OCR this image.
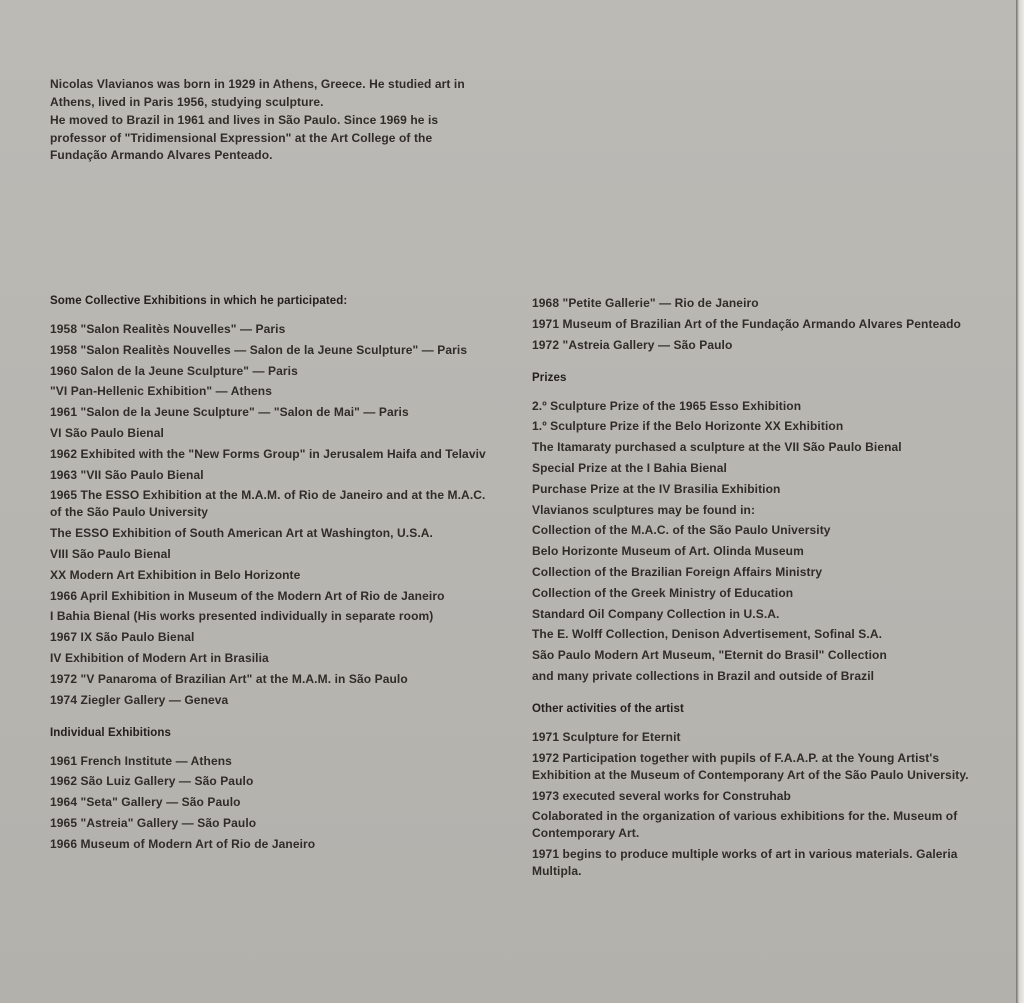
Nicolas Vlavianos was born in 1929 in Athens, Greece. He studied art in Athens, lived in Paris 1956, studying sculpture.

He moved to Brazil in 1961 and lives in São Paulo. Since 1969 he is professor of "Tridimensional Expression" at the Art College of the Fundação Armando Alvares Penteado.

Some Collective Exhibitions in which he participated:
1958 "Salon Realitès Nouvelles" — Paris
1958 "Salon Realitès Nouvelles — Salon de la Jeune Sculpture" — Paris
1960 Salon de la Jeune Sculpture" — Paris
"VI Pan-Hellenic Exhibition" — Athens
1961 "Salon de la Jeune Sculpture" — "Salon de Mai" — Paris
VI São Paulo Bienal
1962 Exhibited with the "New Forms Group" in Jerusalem Haifa and Telaviv
1963 "VII São Paulo Bienal
1965 The ESSO Exhibition at the M.A.M. of Rio de Janeiro and at the M.A.C. of the São Paulo University
The ESSO Exhibition of South American Art at Washington, U.S.A.
VIII São Paulo Bienal
XX Modern Art Exhibition in Belo Horizonte
1966 April Exhibition in Museum of the Modern Art of Rio de Janeiro
I Bahia Bienal (His works presented individually in separate room)
1967 IX São Paulo Bienal
IV Exhibition of Modern Art in Brasilia
1972 "V Panaroma of Brazilian Art" at the M.A.M. in São Paulo
1974 Ziegler Gallery — Geneva
Individual Exhibitions
1961 French Institute — Athens
1962 São Luiz Gallery — São Paulo
1964 "Seta" Gallery — São Paulo
1965 "Astreia" Gallery — São Paulo
1966 Museum of Modern Art of Rio de Janeiro
1968 "Petite Gallerie" — Rio de Janeiro
1971 Museum of Brazilian Art of the Fundação Armando Alvares Penteado
1972 "Astreia Gallery — São Paulo
Prizes
2.º Sculpture Prize of the 1965 Esso Exhibition
1.º Sculpture Prize if the Belo Horizonte XX Exhibition
The Itamaraty purchased a sculpture at the VII São Paulo Bienal
Special Prize at the I Bahia Bienal
Purchase Prize at the IV Brasilia Exhibition
Vlavianos sculptures may be found in:
Collection of the M.A.C. of the São Paulo University
Belo Horizonte Museum of Art. Olinda Museum
Collection of the Brazilian Foreign Affairs Ministry
Collection of the Greek Ministry of Education
Standard Oil Company Collection in U.S.A.
The E. Wolff Collection, Denison Advertisement, Sofinal S.A.
São Paulo Modern Art Museum, "Eternit do Brasil" Collection
and many private collections in Brazil and outside of Brazil
Other activities of the artist
1971 Sculpture for Eternit
1972 Participation together with pupils of F.A.A.P. at the Young Artist's Exhibition at the Museum of Contemporany Art of the São Paulo University.
1973 executed several works for Construhab
Colaborated in the organization of various exhibitions for the. Museum of Contemporary Art.
1971 begins to produce multiple works of art in various materials. Galeria Multipla.
